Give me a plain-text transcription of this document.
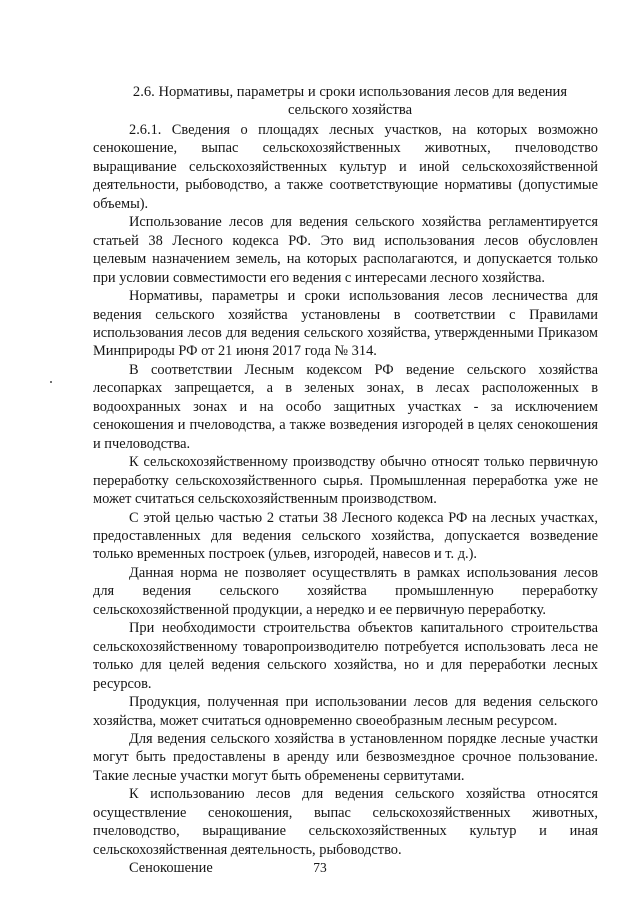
2.6. Нормативы, параметры и сроки использования лесов для ведения
сельского хозяйства

2.6.1. Сведения о площадях лесных участков, на которых возможно сенокошение, выпас сельскохозяйственных животных, пчеловодство выращивание сельскохозяйственных культур и иной сельскохозяйственной деятельности, рыбоводство, а также соответствующие нормативы (допустимые объемы).

Использование лесов для ведения сельского хозяйства регламентируется статьей 38 Лесного кодекса РФ. Это вид использования лесов обусловлен целевым назначением земель, на которых располагаются, и допускается только при условии совместимости его ведения с интересами лесного хозяйства.

Нормативы, параметры и сроки использования лесов лесничества для ведения сельского хозяйства установлены в соответствии с Правилами использования лесов для ведения сельского хозяйства, утвержденными Приказом Минприроды РФ от 21 июня 2017 года № 314.

В соответствии Лесным кодексом РФ ведение сельского хозяйства лесопарках запрещается, а в зеленых зонах, в лесах расположенных в водоохранных зонах и на особо защитных участках - за исключением сенокошения и пчеловодства, а также возведения изгородей в целях сенокошения и пчеловодства.

К сельскохозяйственному производству обычно относят только первичную переработку сельскохозяйственного сырья. Промышленная переработка уже не может считаться сельскохозяйственным производством.

С этой целью частью 2 статьи 38 Лесного кодекса РФ на лесных участках, предоставленных для ведения сельского хозяйства, допускается возведение только временных построек (ульев, изгородей, навесов и т. д.).

Данная норма не позволяет осуществлять в рамках использования лесов для ведения сельского хозяйства промышленную переработку сельскохозяйственной продукции, а нередко и ее первичную переработку.

При необходимости строительства объектов капитального строительства сельскохозяйственному товаропроизводителю потребуется использовать леса не только для целей ведения сельского хозяйства, но и для переработки лесных ресурсов.

Продукция, полученная при использовании лесов для ведения сельского хозяйства, может считаться одновременно своеобразным лесным ресурсом.

Для ведения сельского хозяйства в установленном порядке лесные участки могут быть предоставлены в аренду или безвозмездное срочное пользование. Такие лесные участки могут быть обременены сервитутами.

К использованию лесов для ведения сельского хозяйства относятся осуществление сенокошения, выпас сельскохозяйственных животных, пчеловодство, выращивание сельскохозяйственных культур и иная сельскохозяйственная деятельность, рыбоводство.

Сенокошение	73
